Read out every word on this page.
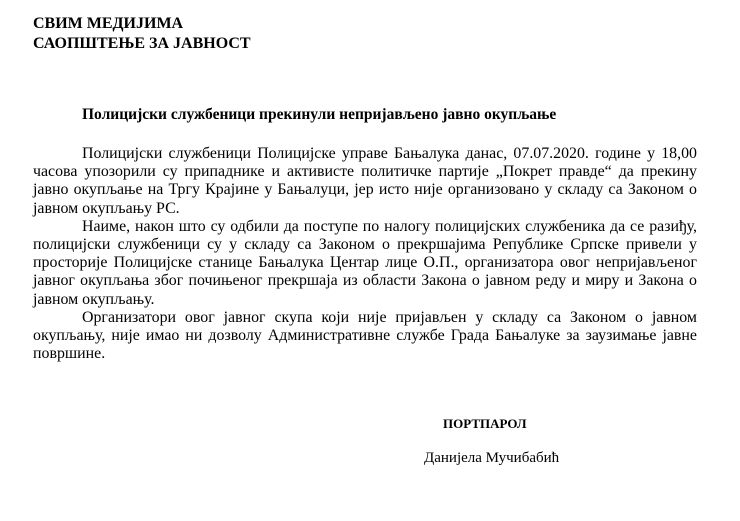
СВИМ МЕДИЈИМА
САОПШТЕЊЕ ЗА ЈАВНОСТ
Полицијски службеници прекинули непријављено јавно окупљање

Полицијски службеници Полицијске управе Бањалука данас, 07.07.2020. године у 18,00 часова упозорили су припаднике и активисте политичке партије „Покрет правде“ да прекину јавно окупљање на Тргу Крајине у Бањалуци, јер исто није организовано у складу са Законом о јавном окупљању РС.

Наиме, након што су одбили да поступе по налогу полицијских службеника да се разиђу, полицијски службеници су у складу са Законом о прекршајима Републике Српске привели у просторије Полицијске станице Бањалука Центар лице О.П., организатора овог непријављеног јавног окупљања због почињеног прекршаја из области Закона о јавном реду и миру и Закона о јавном окупљању.

Организатори овог јавног скупа који није пријављен у складу са Законом о јавном окупљању, није имао ни дозволу Административне службе Града Бањалуке за заузимање јавне површине.

ПОРТПАРОЛ
Данијела Мучибабић
